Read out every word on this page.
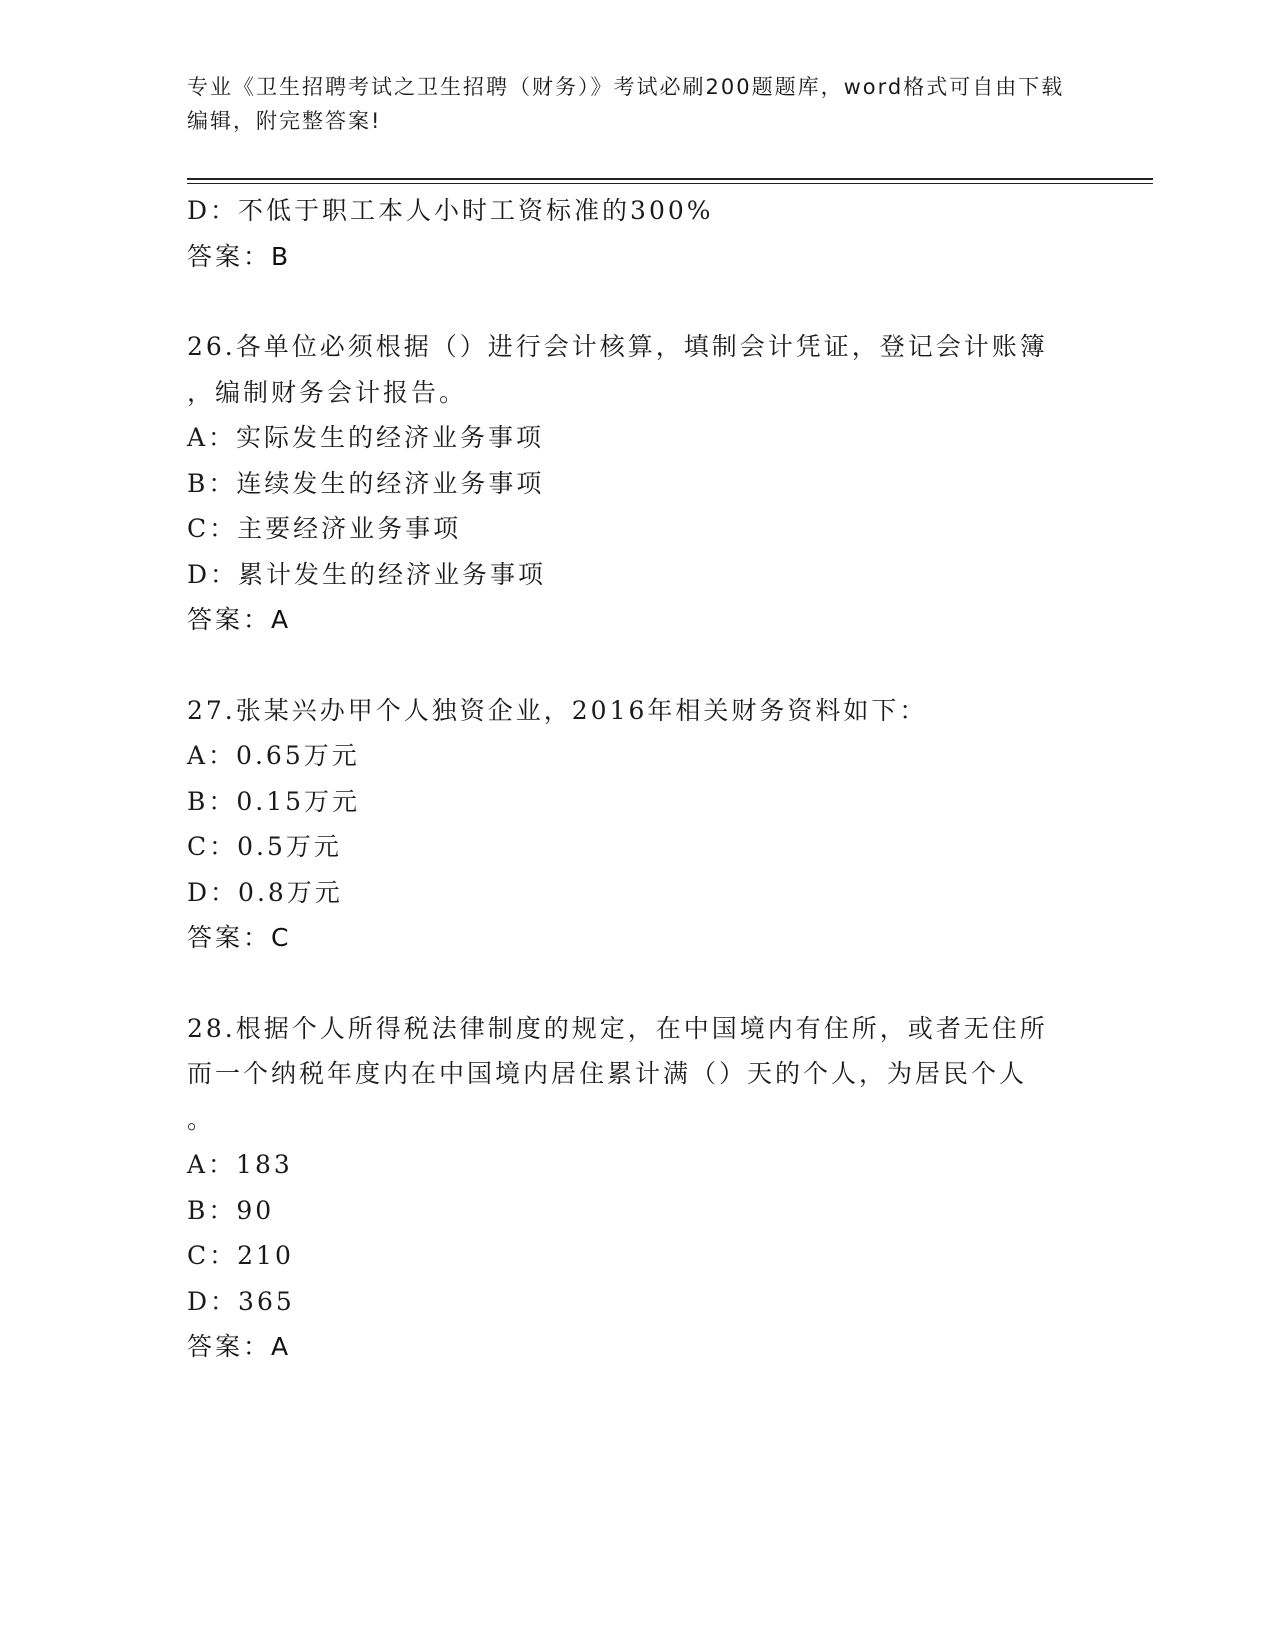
专业《卫生招聘考试之卫生招聘（财务）》考试必刷200题题库，word格式可自由下载编辑，附完整答案!
D：不低于职工本人小时工资标准的300%
答案：B
26.各单位必须根据（）进行会计核算，填制会计凭证，登记会计账簿
，编制财务会计报告。
A：实际发生的经济业务事项
B：连续发生的经济业务事项
C：主要经济业务事项
D：累计发生的经济业务事项
答案：A
27.张某兴办甲个人独资企业，2016年相关财务资料如下：
A：0.65万元
B：0.15万元
C：0.5万元
D：0.8万元
答案：C
28.根据个人所得税法律制度的规定，在中国境内有住所，或者无住所
而一个纳税年度内在中国境内居住累计满（）天的个人，为居民个人
。
A：183
B：90
C：210
D：365
答案：A
